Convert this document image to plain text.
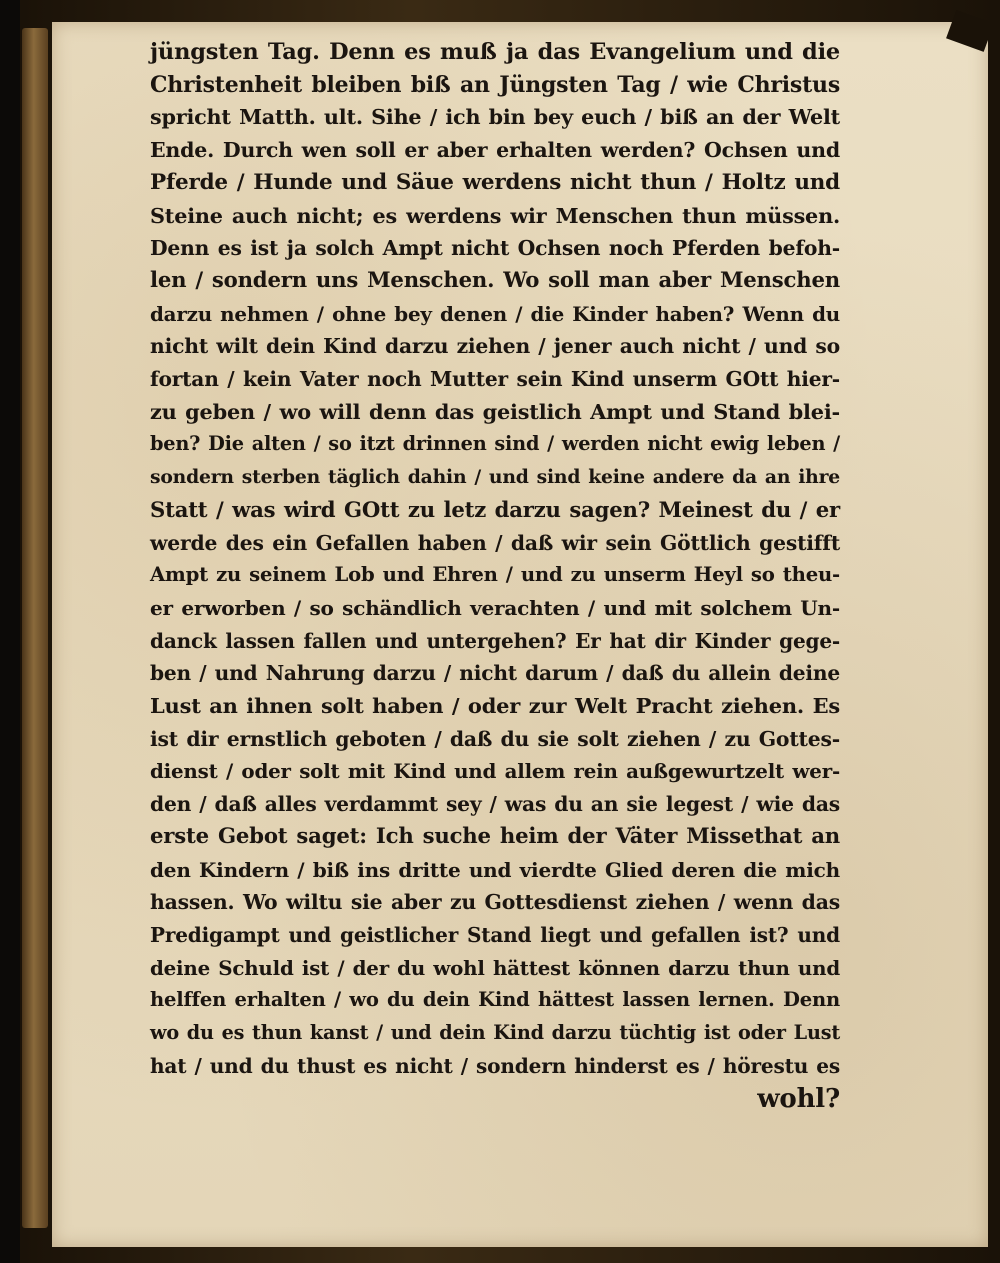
jüngsten Tag. Denn es muß ja das Evangelium und die
Christenheit bleiben biß an Jüngsten Tag / wie Christus
spricht Matth. ult. Sihe / ich bin bey euch / biß an der Welt
Ende. Durch wen soll er aber erhalten werden? Ochsen und
Pferde / Hunde und Säue werdens nicht thun / Holtz und
Steine auch nicht; es werdens wir Menschen thun müssen.
Denn es ist ja solch Ampt nicht Ochsen noch Pferden befoh-
len / sondern uns Menschen. Wo soll man aber Menschen
darzu nehmen / ohne bey denen / die Kinder haben? Wenn du
nicht wilt dein Kind darzu ziehen / jener auch nicht / und so
fortan / kein Vater noch Mutter sein Kind unserm GOtt hier-
zu geben / wo will denn das geistlich Ampt und Stand blei-
ben? Die alten / so itzt drinnen sind / werden nicht ewig leben /
sondern sterben täglich dahin / und sind keine andere da an ihre
Statt / was wird GOtt zu letz darzu sagen? Meinest du / er
werde des ein Gefallen haben / daß wir sein Göttlich gestifft
Ampt zu seinem Lob und Ehren / und zu unserm Heyl so theu-
er erworben / so schändlich verachten / und mit solchem Un-
danck lassen fallen und untergehen? Er hat dir Kinder gege-
ben / und Nahrung darzu / nicht darum / daß du allein deine
Lust an ihnen solt haben / oder zur Welt Pracht ziehen. Es
ist dir ernstlich geboten / daß du sie solt ziehen / zu Gottes-
dienst / oder solt mit Kind und allem rein außgewurtzelt wer-
den / daß alles verdammt sey / was du an sie legest / wie das
erste Gebot saget: Ich suche heim der Väter Missethat an
den Kindern / biß ins dritte und vierdte Glied deren die mich
hassen. Wo wiltu sie aber zu Gottesdienst ziehen / wenn das
Predigampt und geistlicher Stand liegt und gefallen ist? und
deine Schuld ist / der du wohl hättest können darzu thun und
helffen erhalten / wo du dein Kind hättest lassen lernen. Denn
wo du es thun kanst / und dein Kind darzu tüchtig ist oder Lust
hat / und du thust es nicht / sondern hinderst es / hörestu es
wohl?
